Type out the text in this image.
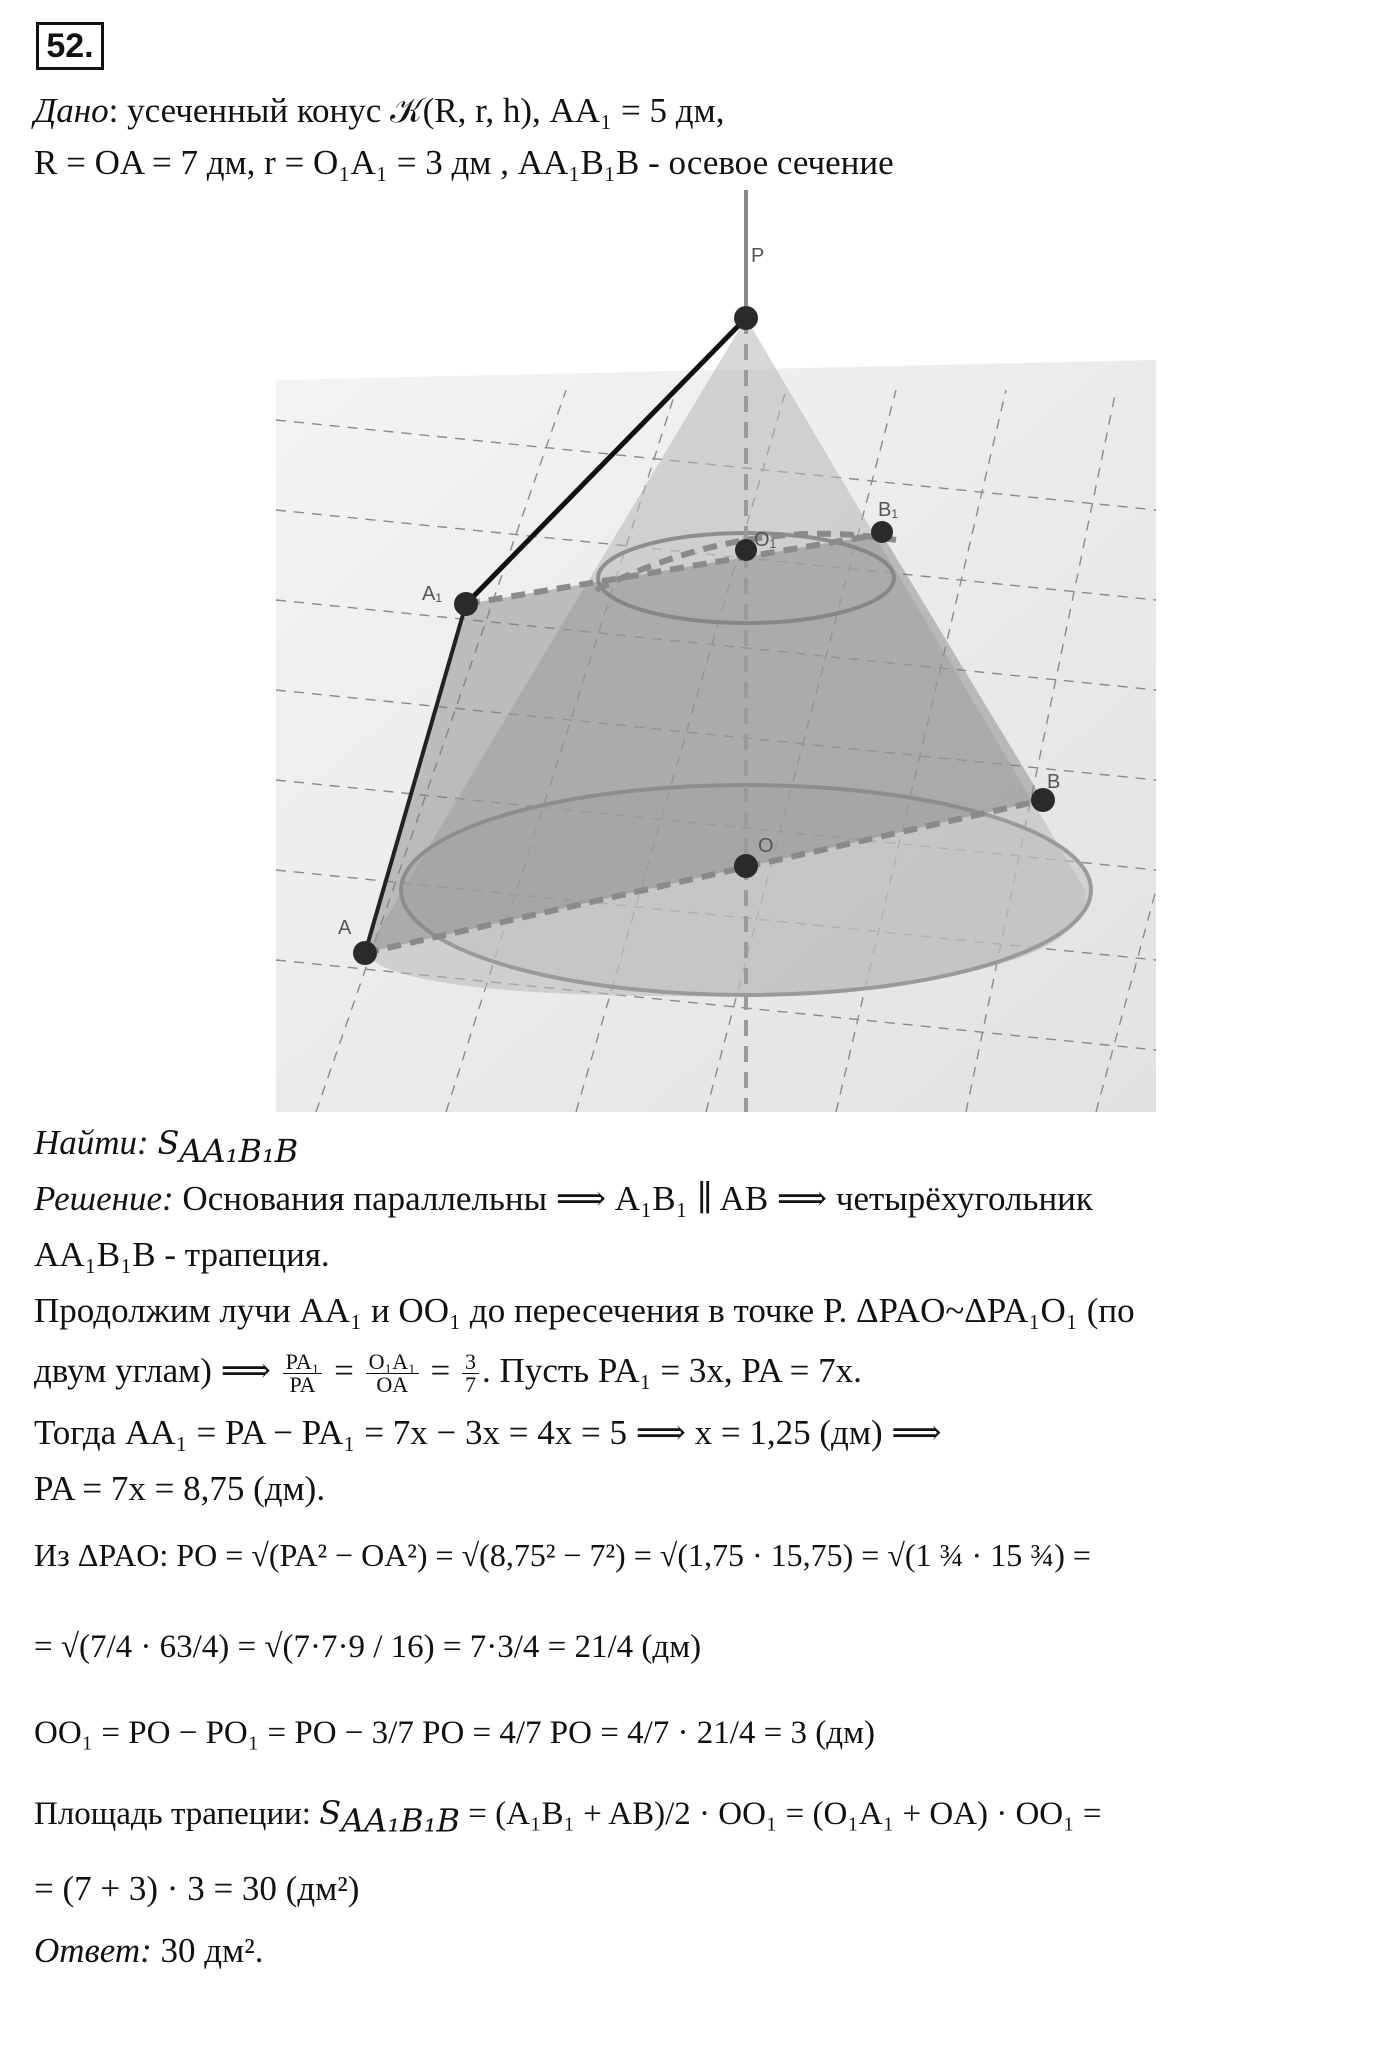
52.
Дано: усеченный конус 𝒦(R, r, h), AA₁ = 5 дм,
R = OA = 7 дм, r = O₁A₁ = 3 дм , AA₁B₁B - осевое сечение
P
O₁
A₁
B₁
B
O
A
Найти: $S_{AA_1B_1B}$
Решение: Основания параллельны ⟹ A₁B₁ ∥ AB ⟹ четырёхугольник
AA₁B₁B - трапеция.
Продолжим лучи AA₁ и OO₁ до пересечения в точке P. ΔPAO~ΔPA₁O₁ (по
двум углам) ⟹ $\frac{\text{PA₁}}{PA} = \frac{\text{O₁A₁}}{OA} = \frac{3}{7}$ . Пусть PA₁ = 3x, PA = 7x.
Тогда AA₁ = PA − PA₁ = 7x − 3x = 4x = 5 ⟹ x = 1,25 (дм) ⟹
PA = 7x = 8,75 (дм).
Из ΔPAO: PO = √(PA² − OA²) = √(8,75² − 7²) = √(1,75 · 15,75) = √(1 ¾ · 15 ¾) =
= √(7/4 · 63/4) = √(7·7·9 / 16) = 7·3/4 = 21/4 (дм)
OO₁ = PO − PO₁ = PO − 3/7 PO = 4/7 PO = 4/7 · 21/4 = 3 (дм)
Площадь трапеции: $S_{AA_1B_1B} = (A_1B_1 + AB)/2 \cdot OO_1 = (O_1A_1 + OA) \cdot OO_1$ =
= (7 + 3) · 3 = 30 (дм²)
Ответ: 30 дм².
